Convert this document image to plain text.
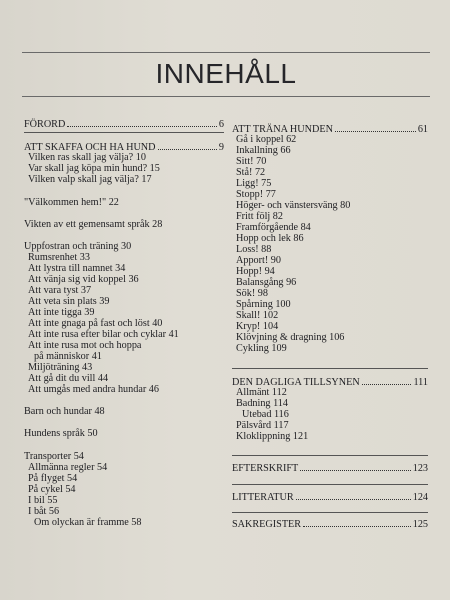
INNEHÅLL
FÖRORD	6
ATT SKAFFA OCH HA HUND	9
Vilken ras skall jag välja? 10
Var skall jag köpa min hund? 15
Vilken valp skall jag välja? 17
"Välkommen hem!" 22
Vikten av ett gemensamt språk 28
Uppfostran och träning 30
Rumsrenhet 33
Att lystra till namnet 34
Att vänja sig vid koppel 36
Att vara tyst 37
Att veta sin plats 39
Att inte tigga 39
Att inte gnaga på fast och löst 40
Att inte rusa efter bilar och cyklar 41
Att inte rusa mot och hoppa
på människor 41
Miljöträning 43
Att gå dit du vill 44
Att umgås med andra hundar 46
Barn och hundar 48
Hundens språk 50
Transporter 54
Allmänna regler 54
På flyget 54
På cykel 54
I bil 55
I båt 56
Om olyckan är framme 58
ATT TRÄNA HUNDEN	61
Gå i koppel 62
Inkallning 66
Sitt! 70
Stå! 72
Ligg! 75
Stopp! 77
Höger- och vänstersväng 80
Fritt följ 82
Framförgående 84
Hopp och lek 86
Loss! 88
Apport! 90
Hopp! 94
Balansgång 96
Sök! 98
Spårning 100
Skall! 102
Kryp! 104
Klövjning & dragning 106
Cykling 109
DEN DAGLIGA TILLSYNEN	111
Allmänt 112
Badning 114
Utebad 116
Pälsvård 117
Kloklippning 121
EFTERSKRIFT	123
LITTERATUR	124
SAKREGISTER	125
